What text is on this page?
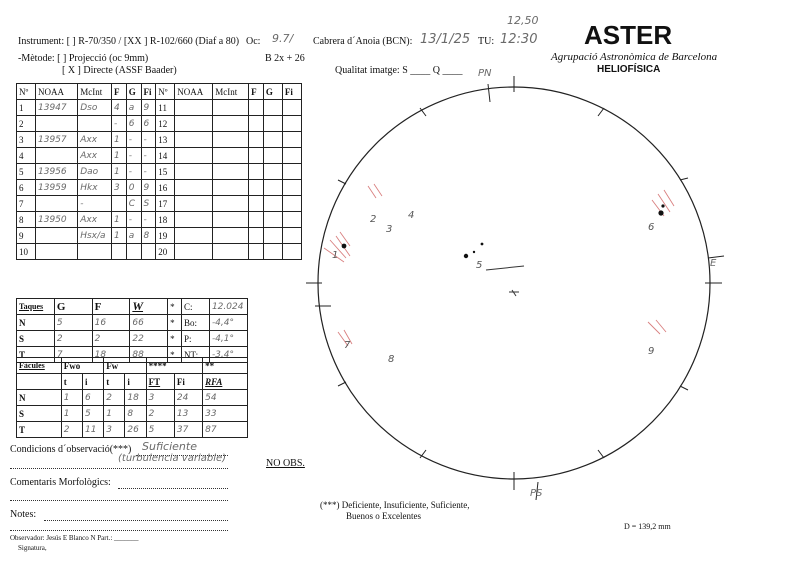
Instrument: [ ] R-70/350 / [XX ] R-102/660 (Diaf a 80) Oc: 9.7/ Cabrera d´Anoia (BCN): 13/1/25 TU:
12,50
12:30
-Mètode: [ ] Projecció (oc 9mm)
[ X ] Directe (ASSF Baader)
B 2x + 26
Qualitat imatge: S ____ Q ____
ASTER
Agrupació Astronòmica de Barcelona
HELIOFÍSICA
Nº	NOAA	McInt	F	G	Fi	Nº	NOAA	McInt	F	G	Fi
1	13947	Dso	4	a	9	11					
2			-	6	6	12					
3	13957	Axx	1	-	-	13					
4		Axx	1	-	-	14					
5	13956	Dao	1	-	-	15					
6	13959	Hkx	3	0	9	16					
7		-		C	S	17					
8	13950	Axx	1	-	-	18					
9		Hsx/a	1	a	8	19					
10						20					
Taques	G	F	W	*	C:	12.024
N	5	16	66	*	Bo:	-4,4°
S	2	2	22	*	P:	-4,1°
T	7	18	88	*	NT:	-3,4°
Fàcules	Fwo		Fw		****		**
	t	i	t	i	FT	Fi	RFA
N	1	6	2	18	3	24	54
S	1	5	1	8	2	13	33
T	2	11	3	26	5	37	87
Condicions d´observació(***) Suficiente
(turbulencia variable)
Comentaris Morfològics:
Notes:
Observador: Jesús E Blanco N Part.: _______
Signatura,
NO OBS.
(***) Deficiente, Insuficiente, Suficiente,
Buenos o Excelentes
D = 139,2 mm
1
2
3
4
5
6
7
8
9
PN
PS
E
